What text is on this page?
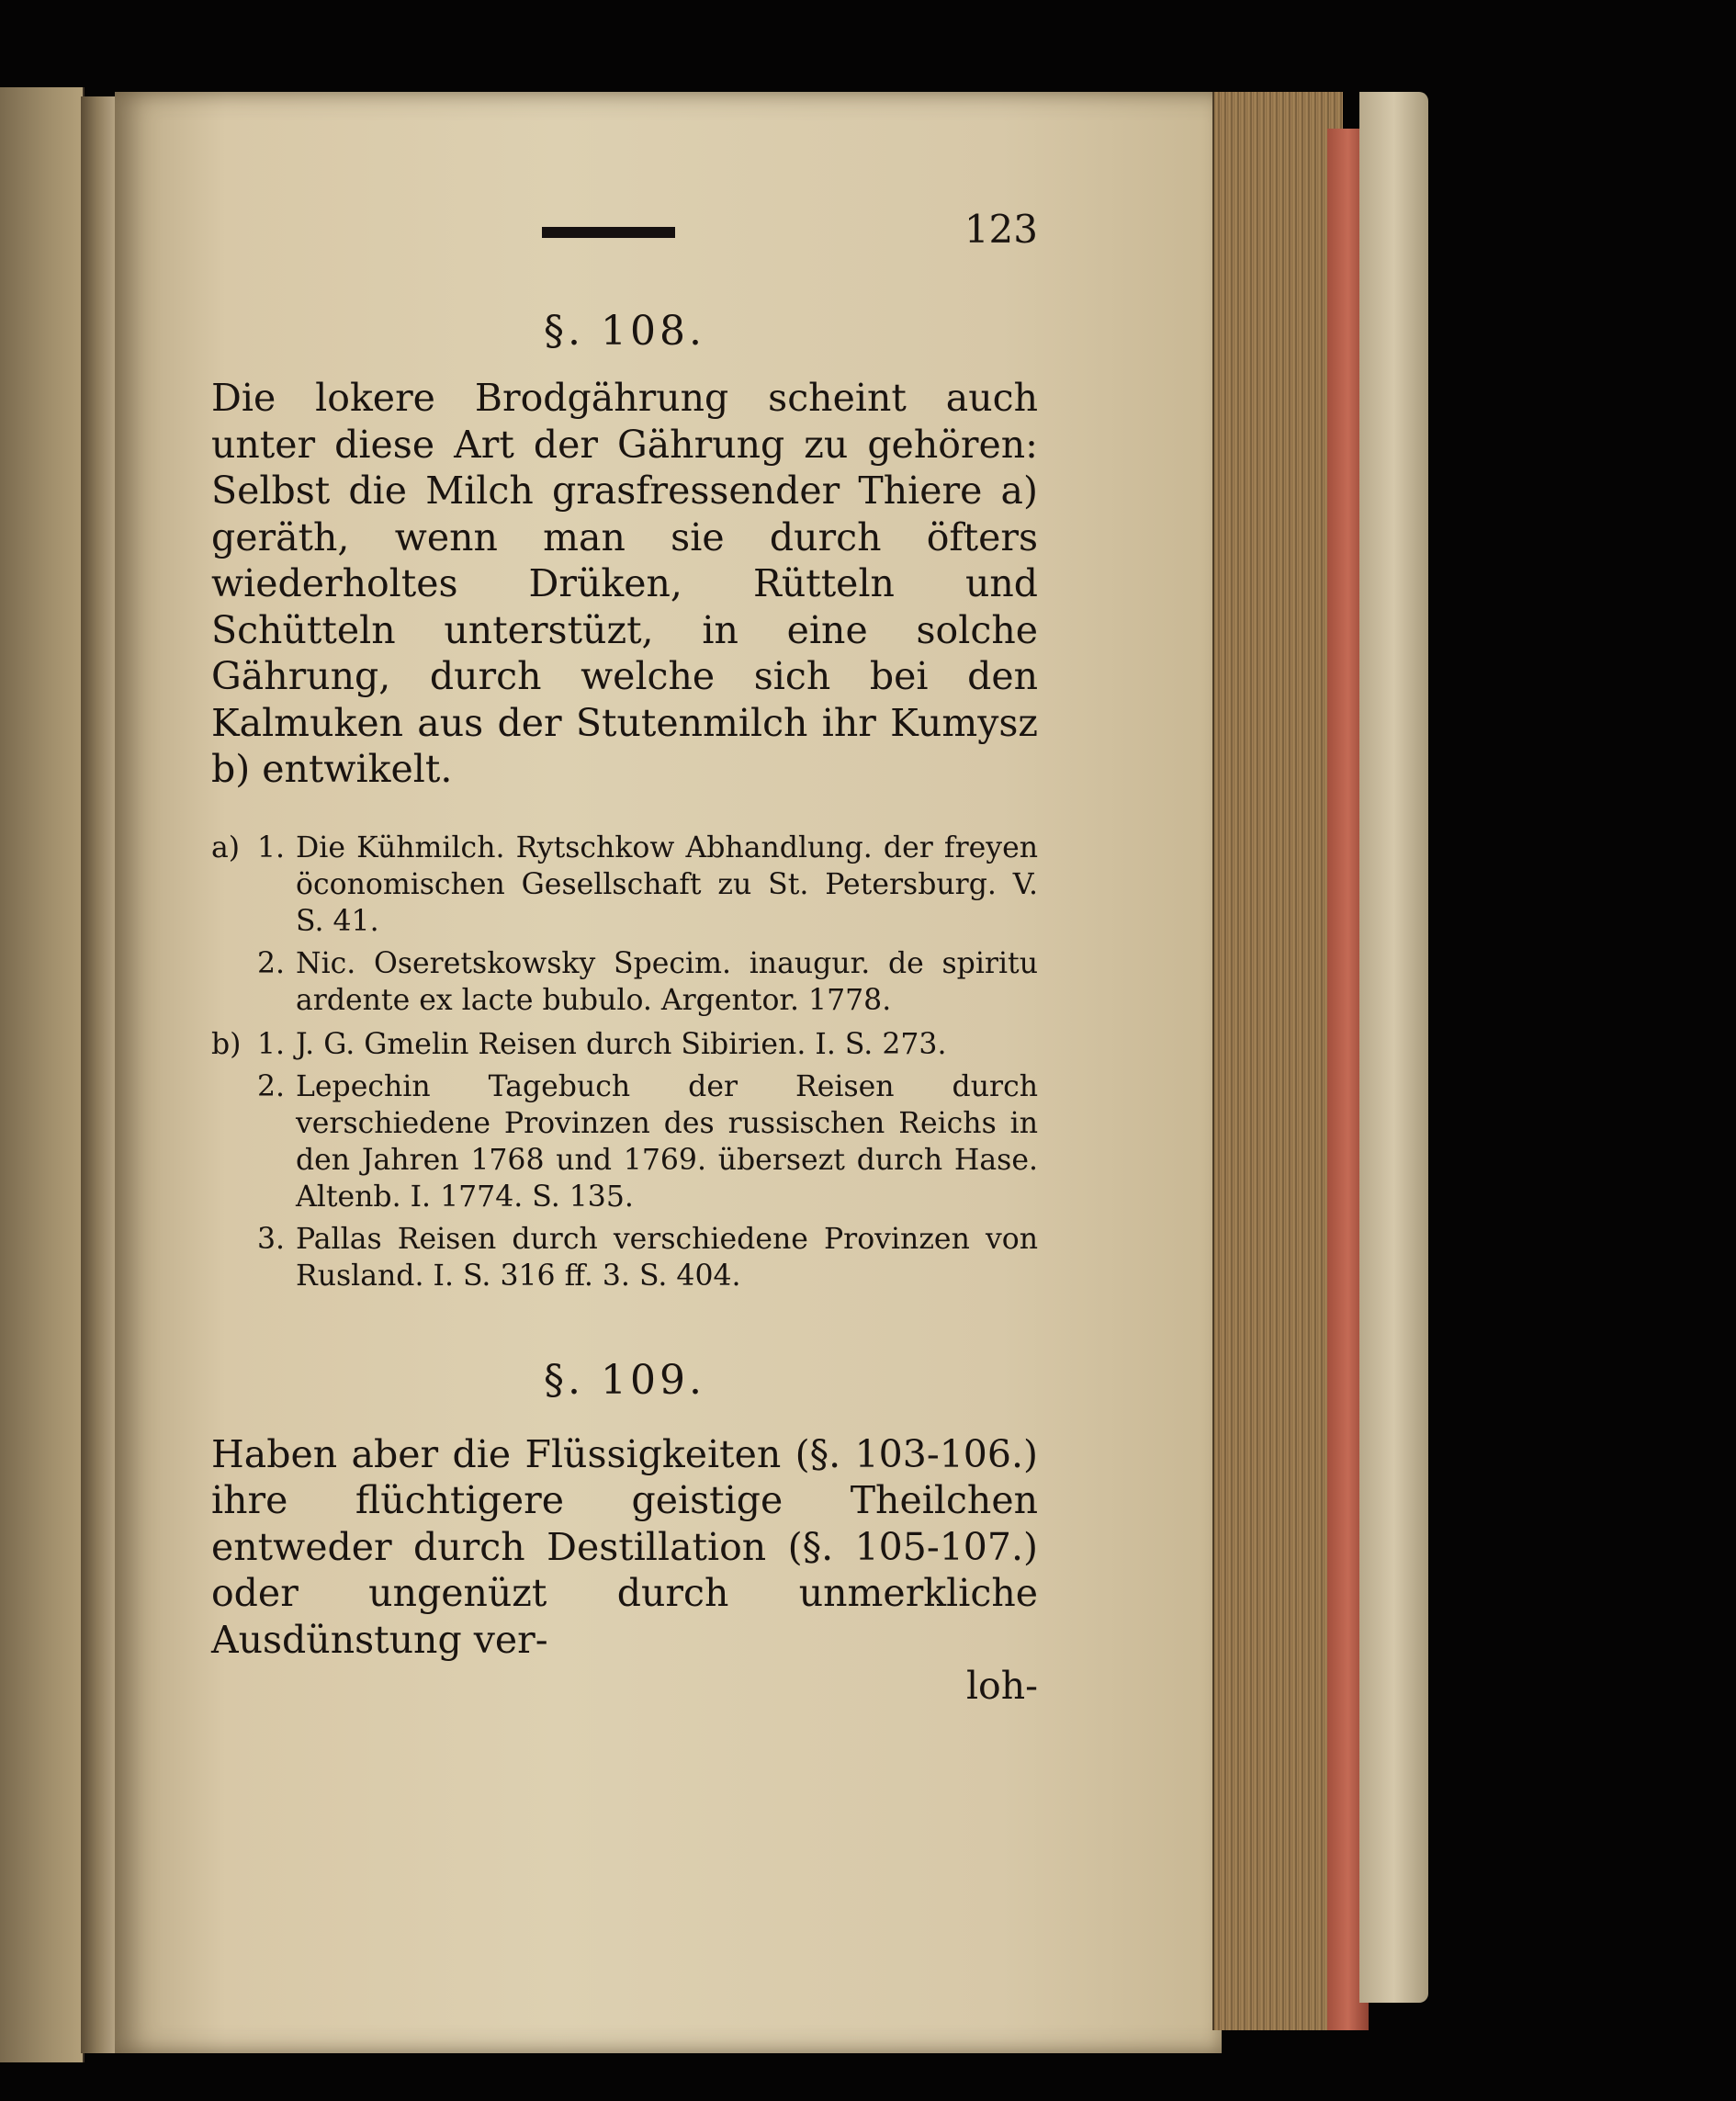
123
§. 108.

Die lokere Brodgährung scheint auch unter diese Art der Gährung zu gehören: Selbst die Milch grasfressender Thiere a) geräth, wenn man sie durch öfters wiederholtes Drüken, Rütteln und Schütteln unterstüzt, in eine solche Gährung, durch welche sich bei den Kalmuken aus der Stutenmilch ihr Kumysz b) entwikelt.

a) 1. Die Kühmilch. Rytschkow Abhandlung. der freyen öconomischen Gesellschaft zu St. Petersburg. V. S. 41.
2. Nic. Oseretskowsky Specim. inaugur. de spiritu ardente ex lacte bubulo. Argentor. 1778.
b) 1. J. G. Gmelin Reisen durch Sibirien. I. S. 273.
2. Lepechin Tagebuch der Reisen durch verschiedene Provinzen des russischen Reichs in den Jahren 1768 und 1769. übersezt durch Hase. Altenb. I. 1774. S. 135.
3. Pallas Reisen durch verschiedene Provinzen von Rusland. I. S. 316 ff. 3. S. 404.
§. 109.

Haben aber die Flüssigkeiten (§. 103-106.) ihre flüchtigere geistige Theilchen entweder durch Destillation (§. 105-107.) oder ungenüzt durch unmerkliche Ausdünstung ver-

loh-
